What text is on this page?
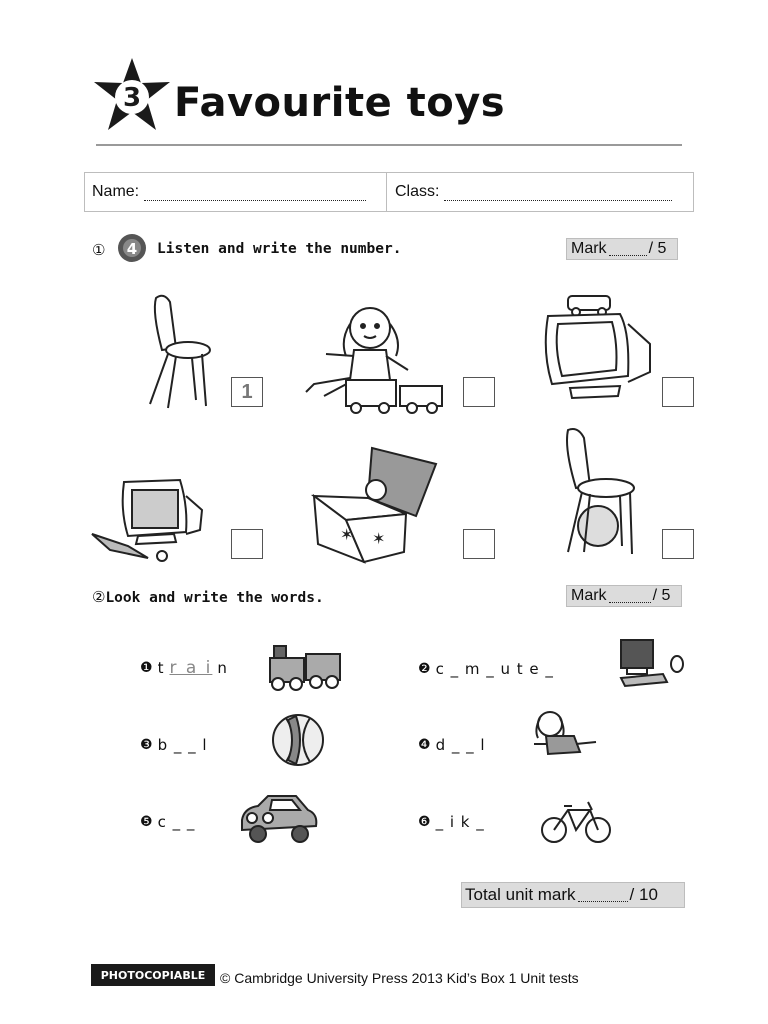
3 Favourite toys
Name:	Class:
① 4 Listen and write the number.	Mark	/ 5
1
✶ ✶
②Look and write the words.	Mark	/ 5
❶ t r a i n	❷ c _ m _ u t e _
❸ b _ _ l	❹ d _ _ l
❺ c _ _	❻ _ i k _
Total unit mark	/ 10
PHOTOCOPIABLE	© Cambridge University Press 2013 Kid’s Box 1 Unit tests
